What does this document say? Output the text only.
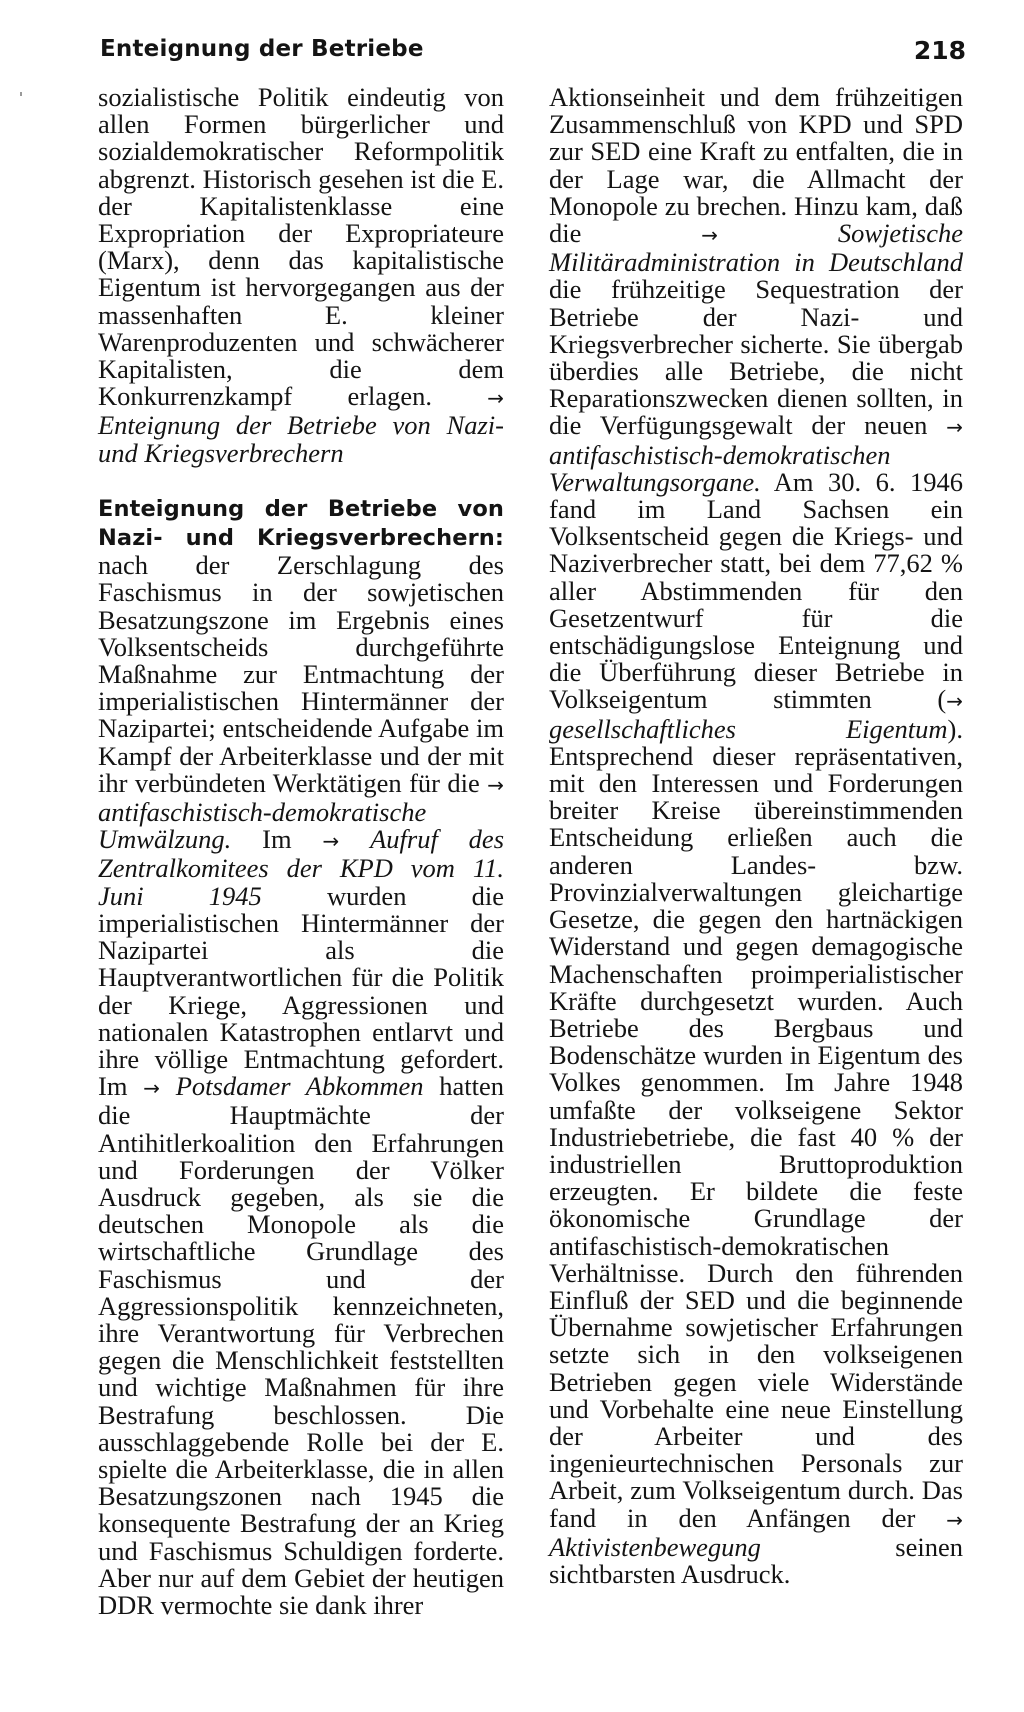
Enteignung der Betriebe	218

sozialistische Politik eindeutig von allen Formen bürgerlicher und sozialdemokratischer Reformpolitik abgrenzt. Historisch gesehen ist die E. der Kapitalistenklasse eine Expropriation der Expropriateure (Marx), denn das kapitalistische Eigentum ist hervorgegangen aus der massenhaften E. kleiner Warenproduzenten und schwächerer Kapitalisten, die dem Konkurrenzkampf erlagen.	→ Enteignung der Betriebe von Nazi- und Kriegsverbrechern

Enteignung der Betriebe von Nazi- und Kriegsverbrechern: nach der Zerschlagung des Faschismus in der sowjetischen Besatzungszone im Ergebnis eines Volksentscheids durchgeführte Maßnahme zur Entmachtung der imperialistischen Hintermänner der Nazipartei; entscheidende Aufgabe im Kampf der Arbeiterklasse und der mit ihr verbündeten Werktätigen für die → antifaschistisch-demokratische Umwälzung. Im → Aufruf des Zentralkomitees der KPD vom 11. Juni 1945 wurden die imperialistischen Hintermänner der Nazipartei als die Hauptverantwortlichen für die Politik der Kriege, Aggressionen und nationalen Katastrophen entlarvt und ihre völlige Entmachtung gefordert. Im → Potsdamer Abkommen hatten die Hauptmächte der Antihitlerkoalition den Erfahrungen und Forderungen der Völker Ausdruck gegeben, als sie die deutschen Monopole als die wirtschaftliche Grundlage des Faschismus und der Aggressionspolitik kennzeichneten, ihre Verantwortung für Verbrechen gegen die Menschlichkeit feststellten und wichtige Maßnahmen für ihre Bestrafung beschlossen. Die ausschlaggebende Rolle bei der E. spielte die Arbeiterklasse, die in allen Besatzungszonen nach 1945 die konsequente Bestrafung der an Krieg und Faschismus Schuldigen forderte. Aber nur auf dem Gebiet der heutigen DDR vermochte sie dank ihrer

Aktionseinheit und dem frühzeitigen Zusammenschluß von KPD und SPD zur SED eine Kraft zu entfalten, die in der Lage war, die Allmacht der Monopole zu brechen. Hinzu kam, daß die	→	Sowjetische Militäradministration in Deutschland die frühzeitige Sequestration der Betriebe der Nazi- und Kriegsverbrecher sicherte. Sie übergab überdies alle Betriebe, die nicht Reparationszwecken dienen sollten, in die Verfügungsgewalt der neuen → antifaschistisch-demokratischen Verwaltungsorgane. Am 30. 6. 1946 fand im Land Sachsen ein Volksentscheid gegen die Kriegs- und Naziverbrecher statt, bei dem 77,62 % aller Abstimmenden für den Gesetzentwurf für die entschädigungslose Enteignung und die Überführung dieser Betriebe in Volkseigentum stimmten (→ gesellschaftliches Eigentum). Entsprechend dieser repräsentativen, mit den Interessen und Forderungen breiter Kreise übereinstimmenden Entscheidung erließen auch die anderen Landes- bzw. Provinzialverwaltungen gleichartige Gesetze, die gegen den hartnäckigen Widerstand und gegen demagogische Machenschaften proimperialistischer Kräfte durchgesetzt wurden. Auch Betriebe des Bergbaus und Bodenschätze wurden in Eigentum des Volkes genommen. Im Jahre 1948 umfaßte der volkseigene Sektor Industriebetriebe, die fast 40 % der industriellen Bruttoproduktion erzeugten. Er bildete die feste ökonomische Grundlage der antifaschistisch-demokratischen Verhältnisse. Durch den führenden Einfluß der SED und die beginnende Übernahme sowjetischer Erfahrungen setzte sich in den volkseigenen Betrieben gegen viele Widerstände und Vorbehalte eine neue Einstellung der Arbeiter und des ingenieurtechnischen Personals zur Arbeit, zum Volkseigentum durch. Das fand in den Anfängen der → Aktivistenbewegung	seinen sichtbarsten Ausdruck.
